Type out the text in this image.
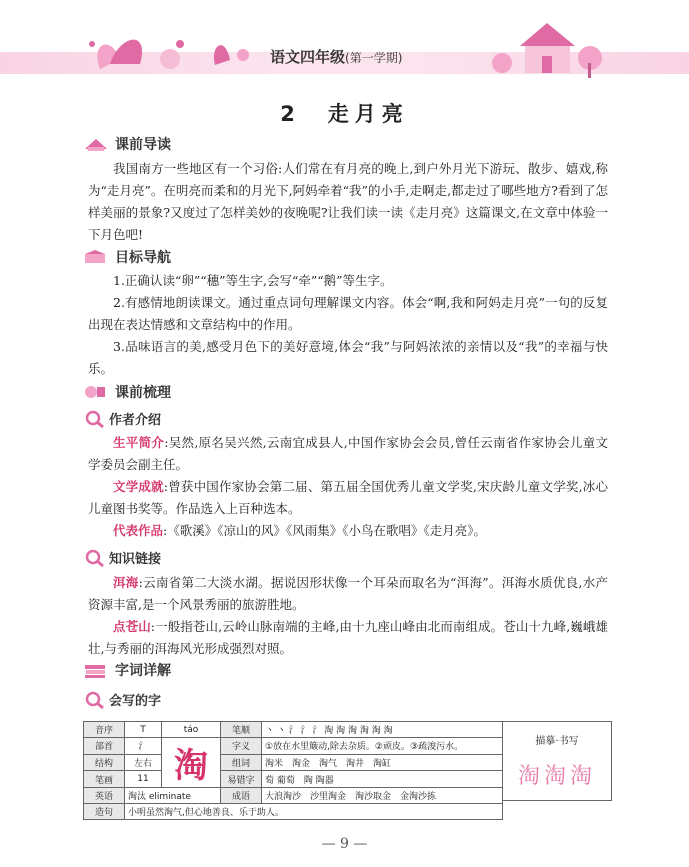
语文四年级(第一学期)
2　走月亮
课前导读
我国南方一些地区有一个习俗:人们常在有月亮的晚上,到户外月光下游玩、散步、嬉戏,称为“走月亮”。在明亮而柔和的月光下,阿妈牵着“我”的小手,走啊走,都走过了哪些地方?看到了怎样美丽的景象?又度过了怎样美妙的夜晚呢?让我们读一读《走月亮》这篇课文,在文章中体验一下月色吧!
目标导航
1.正确认读“卵”“穗”等生字,会写“牵”“鹅”等生字。
2.有感情地朗读课文。通过重点词句理解课文内容。体会“啊,我和阿妈走月亮”一句的反复出现在表达情感和文章结构中的作用。
3.品味语言的美,感受月色下的美好意境,体会“我”与阿妈浓浓的亲情以及“我”的幸福与快乐。
课前梳理
作者介绍
生平简介:吴然,原名吴兴然,云南宜成县人,中国作家协会会员,曾任云南省作家协会儿童文学委员会副主任。
文学成就:曾获中国作家协会第二届、第五届全国优秀儿童文学奖,宋庆龄儿童文学奖,冰心儿童图书奖等。作品选入上百种选本。
代表作品:《歌溪》《凉山的风》《风雨集》《小鸟在歌唱》《走月亮》。
知识链接
洱海:云南省第二大淡水湖。据说因形状像一个耳朵而取名为“洱海”。洱海水质优良,水产资源丰富,是一个风景秀丽的旅游胜地。
点苍山:一般指苍山,云岭山脉南端的主峰,由十九座山峰由北而南组成。苍山十九峰,巍峨雄壮,与秀丽的洱海风光形成强烈对照。
字词详解
会写的字
音序	T	táo	笔顺	丶 丶 氵 氵 氵 淘 淘 淘 淘 淘 淘
部首	氵	淘	字义	①放在水里簸动,除去杂质。②顽皮。③疏浚污水。
结构	左右		组词	淘米　淘金　淘气　淘井　淘缸
笔画	11		易错字	萄 葡萄　陶 陶器
英语	淘汰 eliminate		成语	大浪淘沙　沙里淘金　淘沙取金　金淘沙拣
造句	小明虽然淘气,但心地善良、乐于助人。			
描摹·书写
淘淘淘
— 9 —
